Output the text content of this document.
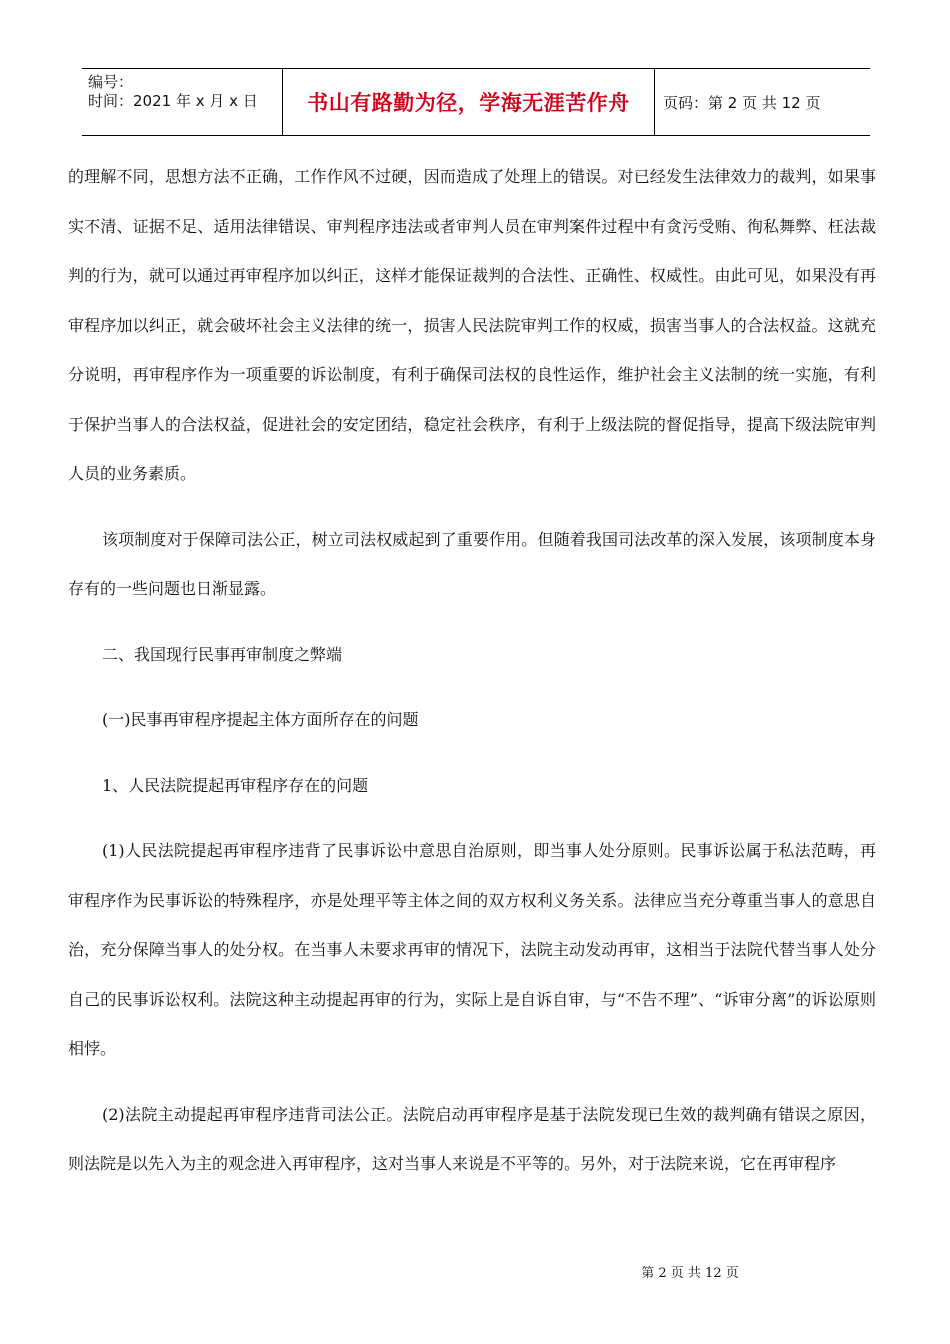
编号：
时间：2021 年 x 月 x 日	书山有路勤为径，学海无涯苦作舟 页码：第 2 页 共 12 页

的理解不同，思想方法不正确，工作作风不过硬，因而造成了处理上的错误。对已经发生法律效力的裁判，如果事实不清、证据不足、适用法律错误、审判程序违法或者审判人员在审判案件过程中有贪污受贿、徇私舞弊、枉法裁判的行为，就可以通过再审程序加以纠正，这样才能保证裁判的合法性、正确性、权威性。由此可见，如果没有再审程序加以纠正，就会破坏社会主义法律的统一，损害人民法院审判工作的权威，损害当事人的合法权益。这就充分说明，再审程序作为一项重要的诉讼制度，有利于确保司法权的良性运作，维护社会主义法制的统一实施，有利于保护当事人的合法权益，促进社会的安定团结，稳定社会秩序，有利于上级法院的督促指导，提高下级法院审判人员的业务素质。

该项制度对于保障司法公正，树立司法权威起到了重要作用。但随着我国司法改革的深入发展，该项制度本身存有的一些问题也日渐显露。

二、我国现行民事再审制度之弊端

(一)民事再审程序提起主体方面所存在的问题

1、人民法院提起再审程序存在的问题

(1)人民法院提起再审程序违背了民事诉讼中意思自治原则，即当事人处分原则。民事诉讼属于私法范畴，再审程序作为民事诉讼的特殊程序，亦是处理平等主体之间的双方权利义务关系。法律应当充分尊重当事人的意思自治，充分保障当事人的处分权。在当事人未要求再审的情况下，法院主动发动再审，这相当于法院代替当事人处分自己的民事诉讼权利。法院这种主动提起再审的行为，实际上是自诉自审，与“不告不理”、“诉审分离”的诉讼原则相悖。

(2)法院主动提起再审程序违背司法公正。法院启动再审程序是基于法院发现已生效的裁判确有错误之原因，则法院是以先入为主的观念进入再审程序，这对当事人来说是不平等的。另外，对于法院来说，它在再审程序

第 2 页 共 12 页
